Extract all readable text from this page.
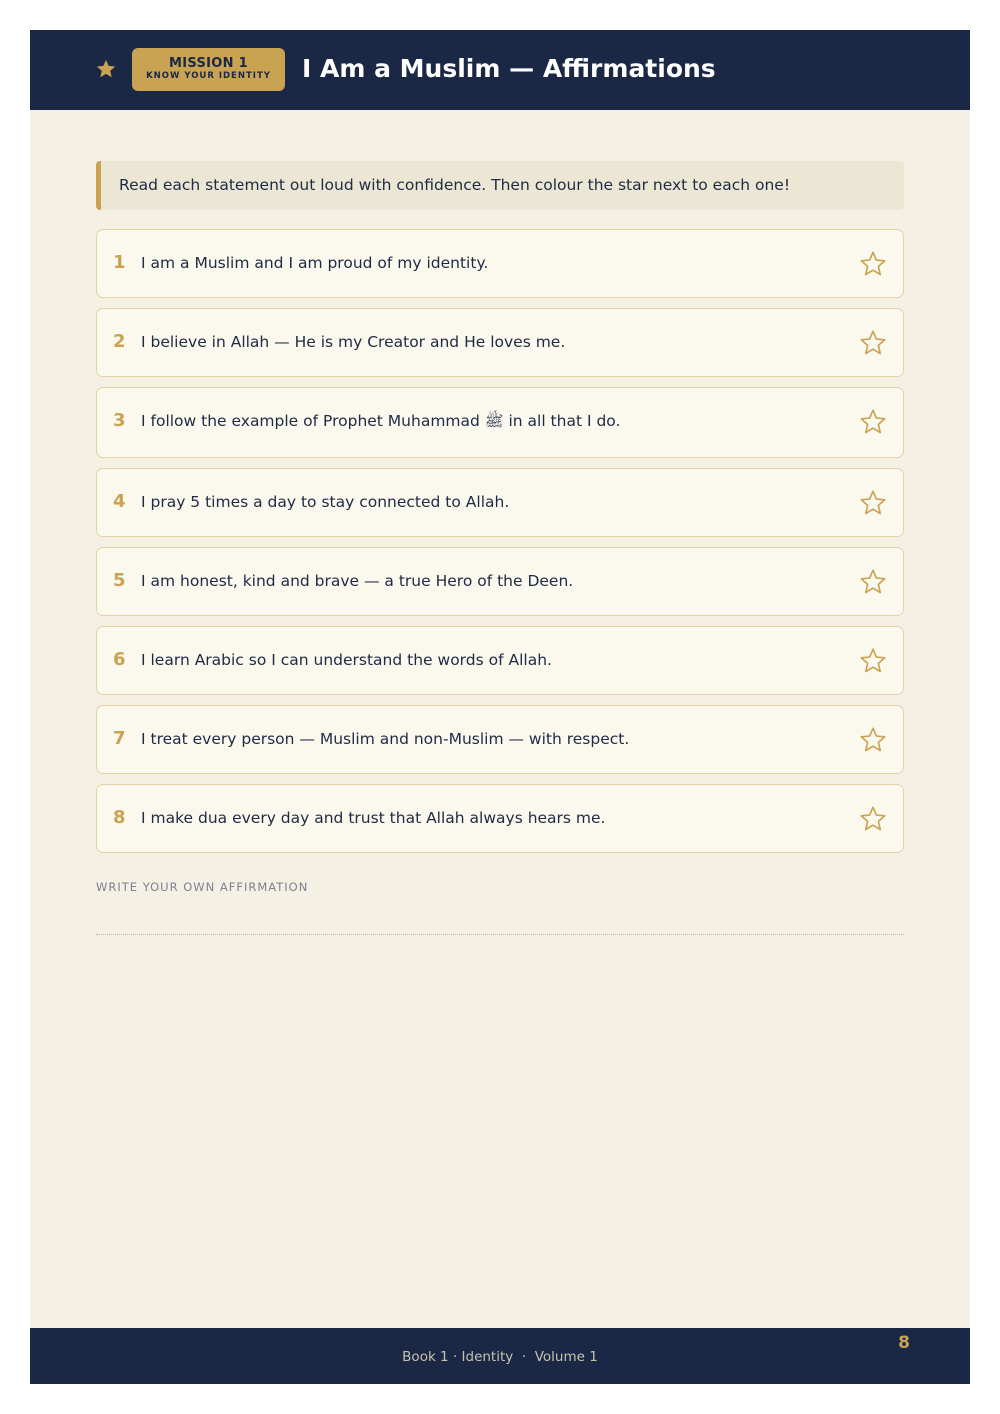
MISSION 1
KNOW YOUR IDENTITY	I Am a Muslim — Affirmations
Read each statement out loud with confidence. Then colour the star next to each one!
1 I am a Muslim and I am proud of my identity.
2 I believe in Allah — He is my Creator and He loves me.
3 I follow the example of Prophet Muhammad ﷺ in all that I do.
4 I pray 5 times a day to stay connected to Allah.
5 I am honest, kind and brave — a true Hero of the Deen.
6 I learn Arabic so I can understand the words of Allah.
7 I treat every person — Muslim and non-Muslim — with respect.
8 I make dua every day and trust that Allah always hears me.
WRITE YOUR OWN AFFIRMATION
8
Book 1 · Identity  ·  Volume 1
